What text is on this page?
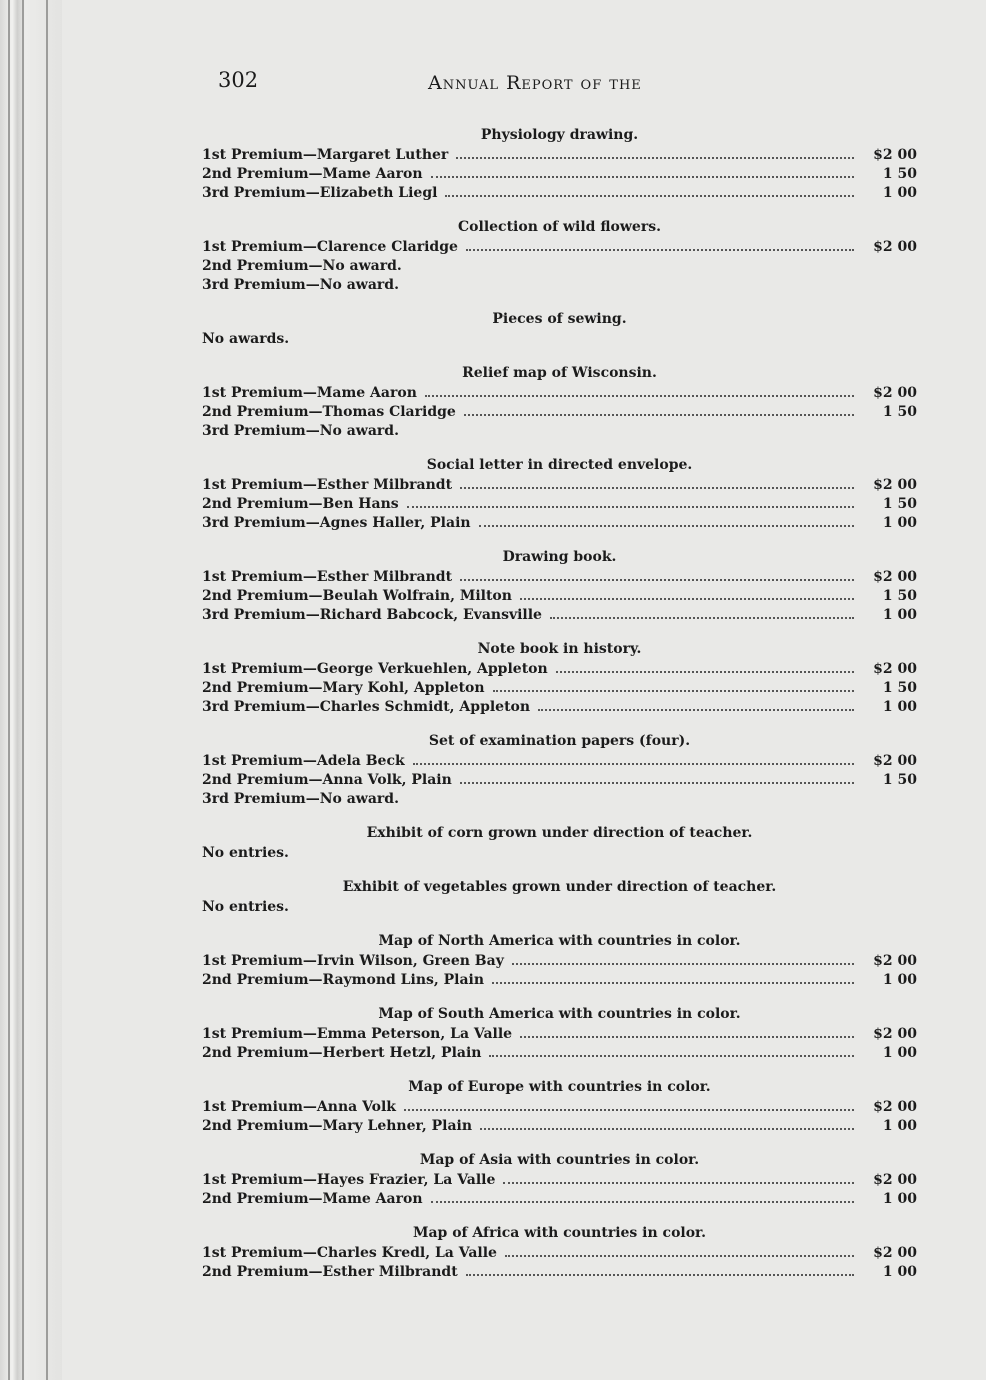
302	Annual Report of the
Physiology drawing.
1st Premium—Margaret Luther	$2 00
2nd Premium—Mame Aaron	1 50
3rd Premium—Elizabeth Liegl	1 00
Collection of wild flowers.
1st Premium—Clarence Claridge	$2 00
2nd Premium—No award.
3rd Premium—No award.
Pieces of sewing.
No awards.
Relief map of Wisconsin.
1st Premium—Mame Aaron	$2 00
2nd Premium—Thomas Claridge	1 50
3rd Premium—No award.
Social letter in directed envelope.
1st Premium—Esther Milbrandt	$2 00
2nd Premium—Ben Hans	1 50
3rd Premium—Agnes Haller, Plain	1 00
Drawing book.
1st Premium—Esther Milbrandt	$2 00
2nd Premium—Beulah Wolfrain, Milton	1 50
3rd Premium—Richard Babcock, Evansville	1 00
Note book in history.
1st Premium—George Verkuehlen, Appleton	$2 00
2nd Premium—Mary Kohl, Appleton	1 50
3rd Premium—Charles Schmidt, Appleton	1 00
Set of examination papers (four).
1st Premium—Adela Beck	$2 00
2nd Premium—Anna Volk, Plain	1 50
3rd Premium—No award.
Exhibit of corn grown under direction of teacher.
No entries.
Exhibit of vegetables grown under direction of teacher.
No entries.
Map of North America with countries in color.
1st Premium—Irvin Wilson, Green Bay	$2 00
2nd Premium—Raymond Lins, Plain	1 00
Map of South America with countries in color.
1st Premium—Emma Peterson, La Valle	$2 00
2nd Premium—Herbert Hetzl, Plain	1 00
Map of Europe with countries in color.
1st Premium—Anna Volk	$2 00
2nd Premium—Mary Lehner, Plain	1 00
Map of Asia with countries in color.
1st Premium—Hayes Frazier, La Valle	$2 00
2nd Premium—Mame Aaron	1 00
Map of Africa with countries in color.
1st Premium—Charles Kredl, La Valle	$2 00
2nd Premium—Esther Milbrandt	1 00
